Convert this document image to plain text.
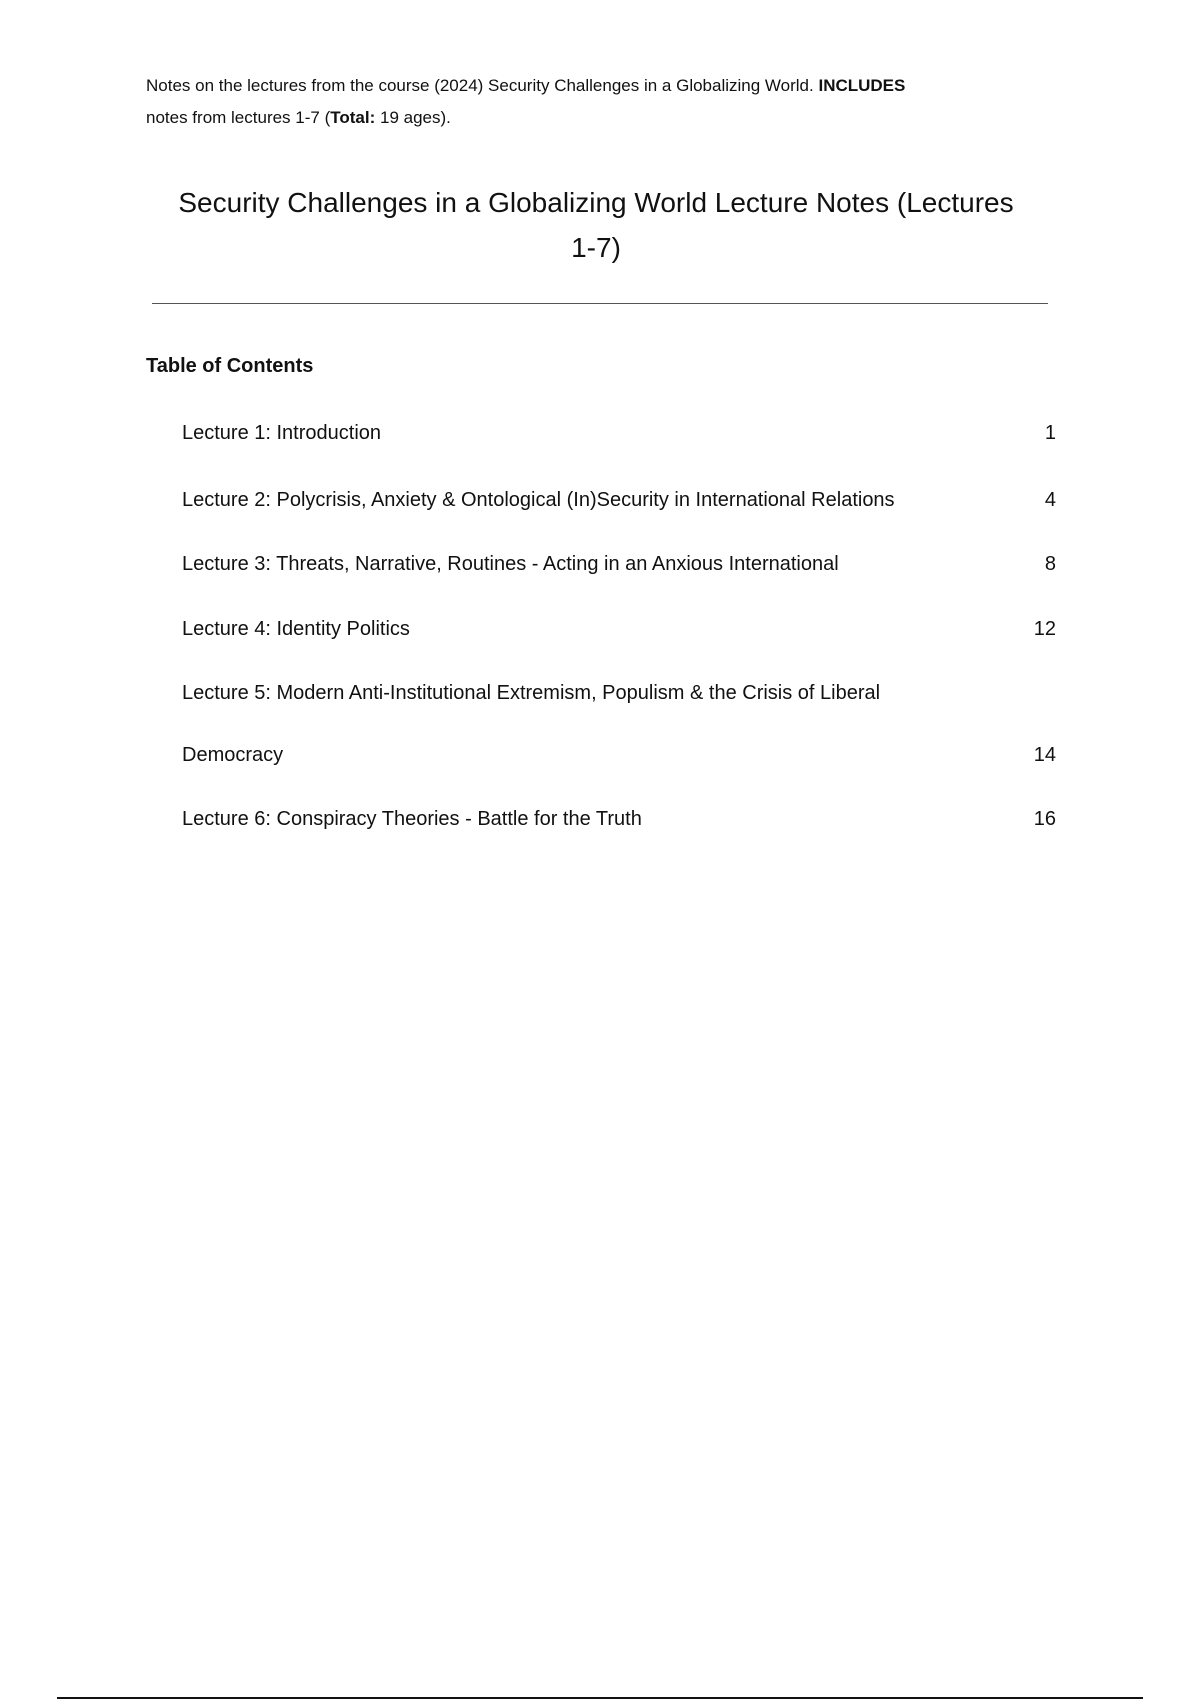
Notes on the lectures from the course (2024) Security Challenges in a Globalizing World. INCLUDES
notes from lectures 1-7 (Total: 19 ages).
Security Challenges in a Globalizing World Lecture Notes (Lectures
1-7)
Table of Contents
Lecture 1: Introduction	1
Lecture 2: Polycrisis, Anxiety & Ontological (In)Security in International Relations	4
Lecture 3: Threats, Narrative, Routines - Acting in an Anxious International	8
Lecture 4: Identity Politics	12
Lecture 5: Modern Anti-Institutional Extremism, Populism & the Crisis of Liberal
Democracy	14
Lecture 6: Conspiracy Theories - Battle for the Truth	16
